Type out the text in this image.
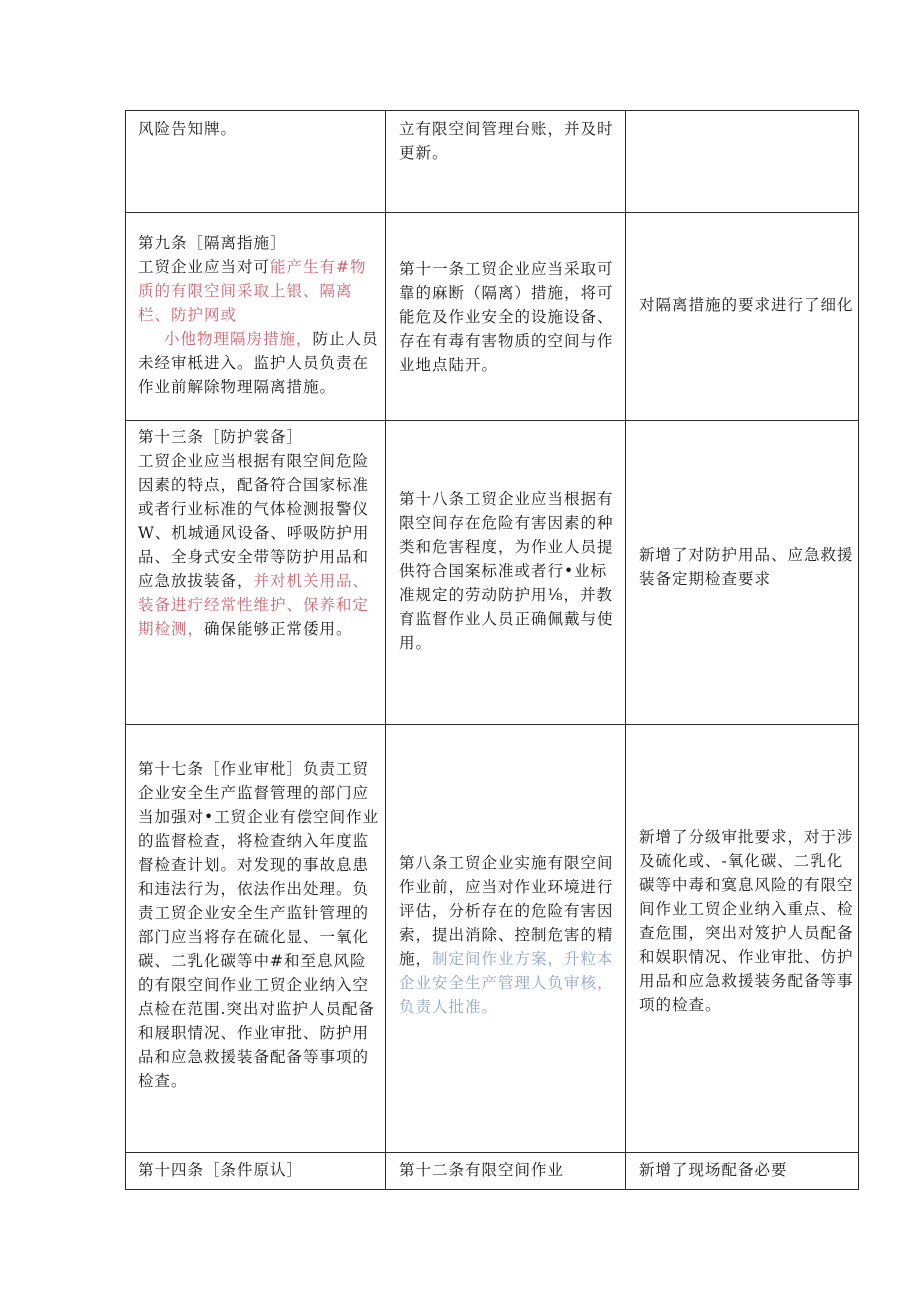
风险告知牌。	立有限空间管理台账，并及时更新。	

第九条［隔离指施］
工贸企业应当对可能产生有#物质的有限空间采取上银、隔离栏、防护网或
小他物理隔房措施，防止人员未经审柢进入。监护人员负责在作业前解除物理隔离措施。	第十一条工贸企业应当采取可靠的麻断（隔离）措施，将可能危及作业安全的设施设备、存在有毒有害物质的空间与作业地点陆开。	对隔离措施的要求进行了细化

第十三条［防护裳备］
工贸企业应当根据有限空间危险因素的特点，配备符合国家标准或者行业标准的气体检测报警仪W、机城通风设备、呼吸防护用品、全身式安全带等防护用品和应急放拔装备，并对机关用品、装备进疔经常性维护、保养和定期检测，确保能够正常倭用。	第十八条工贸企业应当根据有限空间存在危险有害因素的种类和危害程度，为作业人员提供符合国案标准或者行•业标准规定的劳动防护用⅛，并教育监督作业人员正确佩戴与使用。	新增了对防护用品、应急救援装备定期检查要求

第十七条［作业审枇］负责工贸企业安全生产监督管理的部门应当加强对•工贸企业有偿空间作业的监督检查，将检查纳入年度监督检查计划。对发现的事故息患和违法行为，依法作出处理。负责工贸企业安全生产监针管理的部门应当将存在硫化显、一氧化碳、二乳化碳等中#和至息风险的有限空间作业工贸企业纳入空点检在范围.突出对监护人员配备和屐职情况、作业审批、防护用品和应急救援装备配备等事项的检查。	第八条工贸企业实施有限空间作业前，应当对作业环境进行评估，分析存在的危险有害因索，提出消除、控制危害的精施，制定间作业方案，升粒本企业安全生产管理人负审核，负责人批准。	新增了分级审批要求，对于涉及硫化或、-氧化碳、二乳化碳等中毒和寞息风险的有限空间作业工贸企业纳入重点、检查危围，突出对笈护人员配备和娱职情况、作业审批、仿护用品和应急救援装务配备等事项的检查。

第十四条［条件原认］	第十二条有限空间作业	新增了现场配备必要
